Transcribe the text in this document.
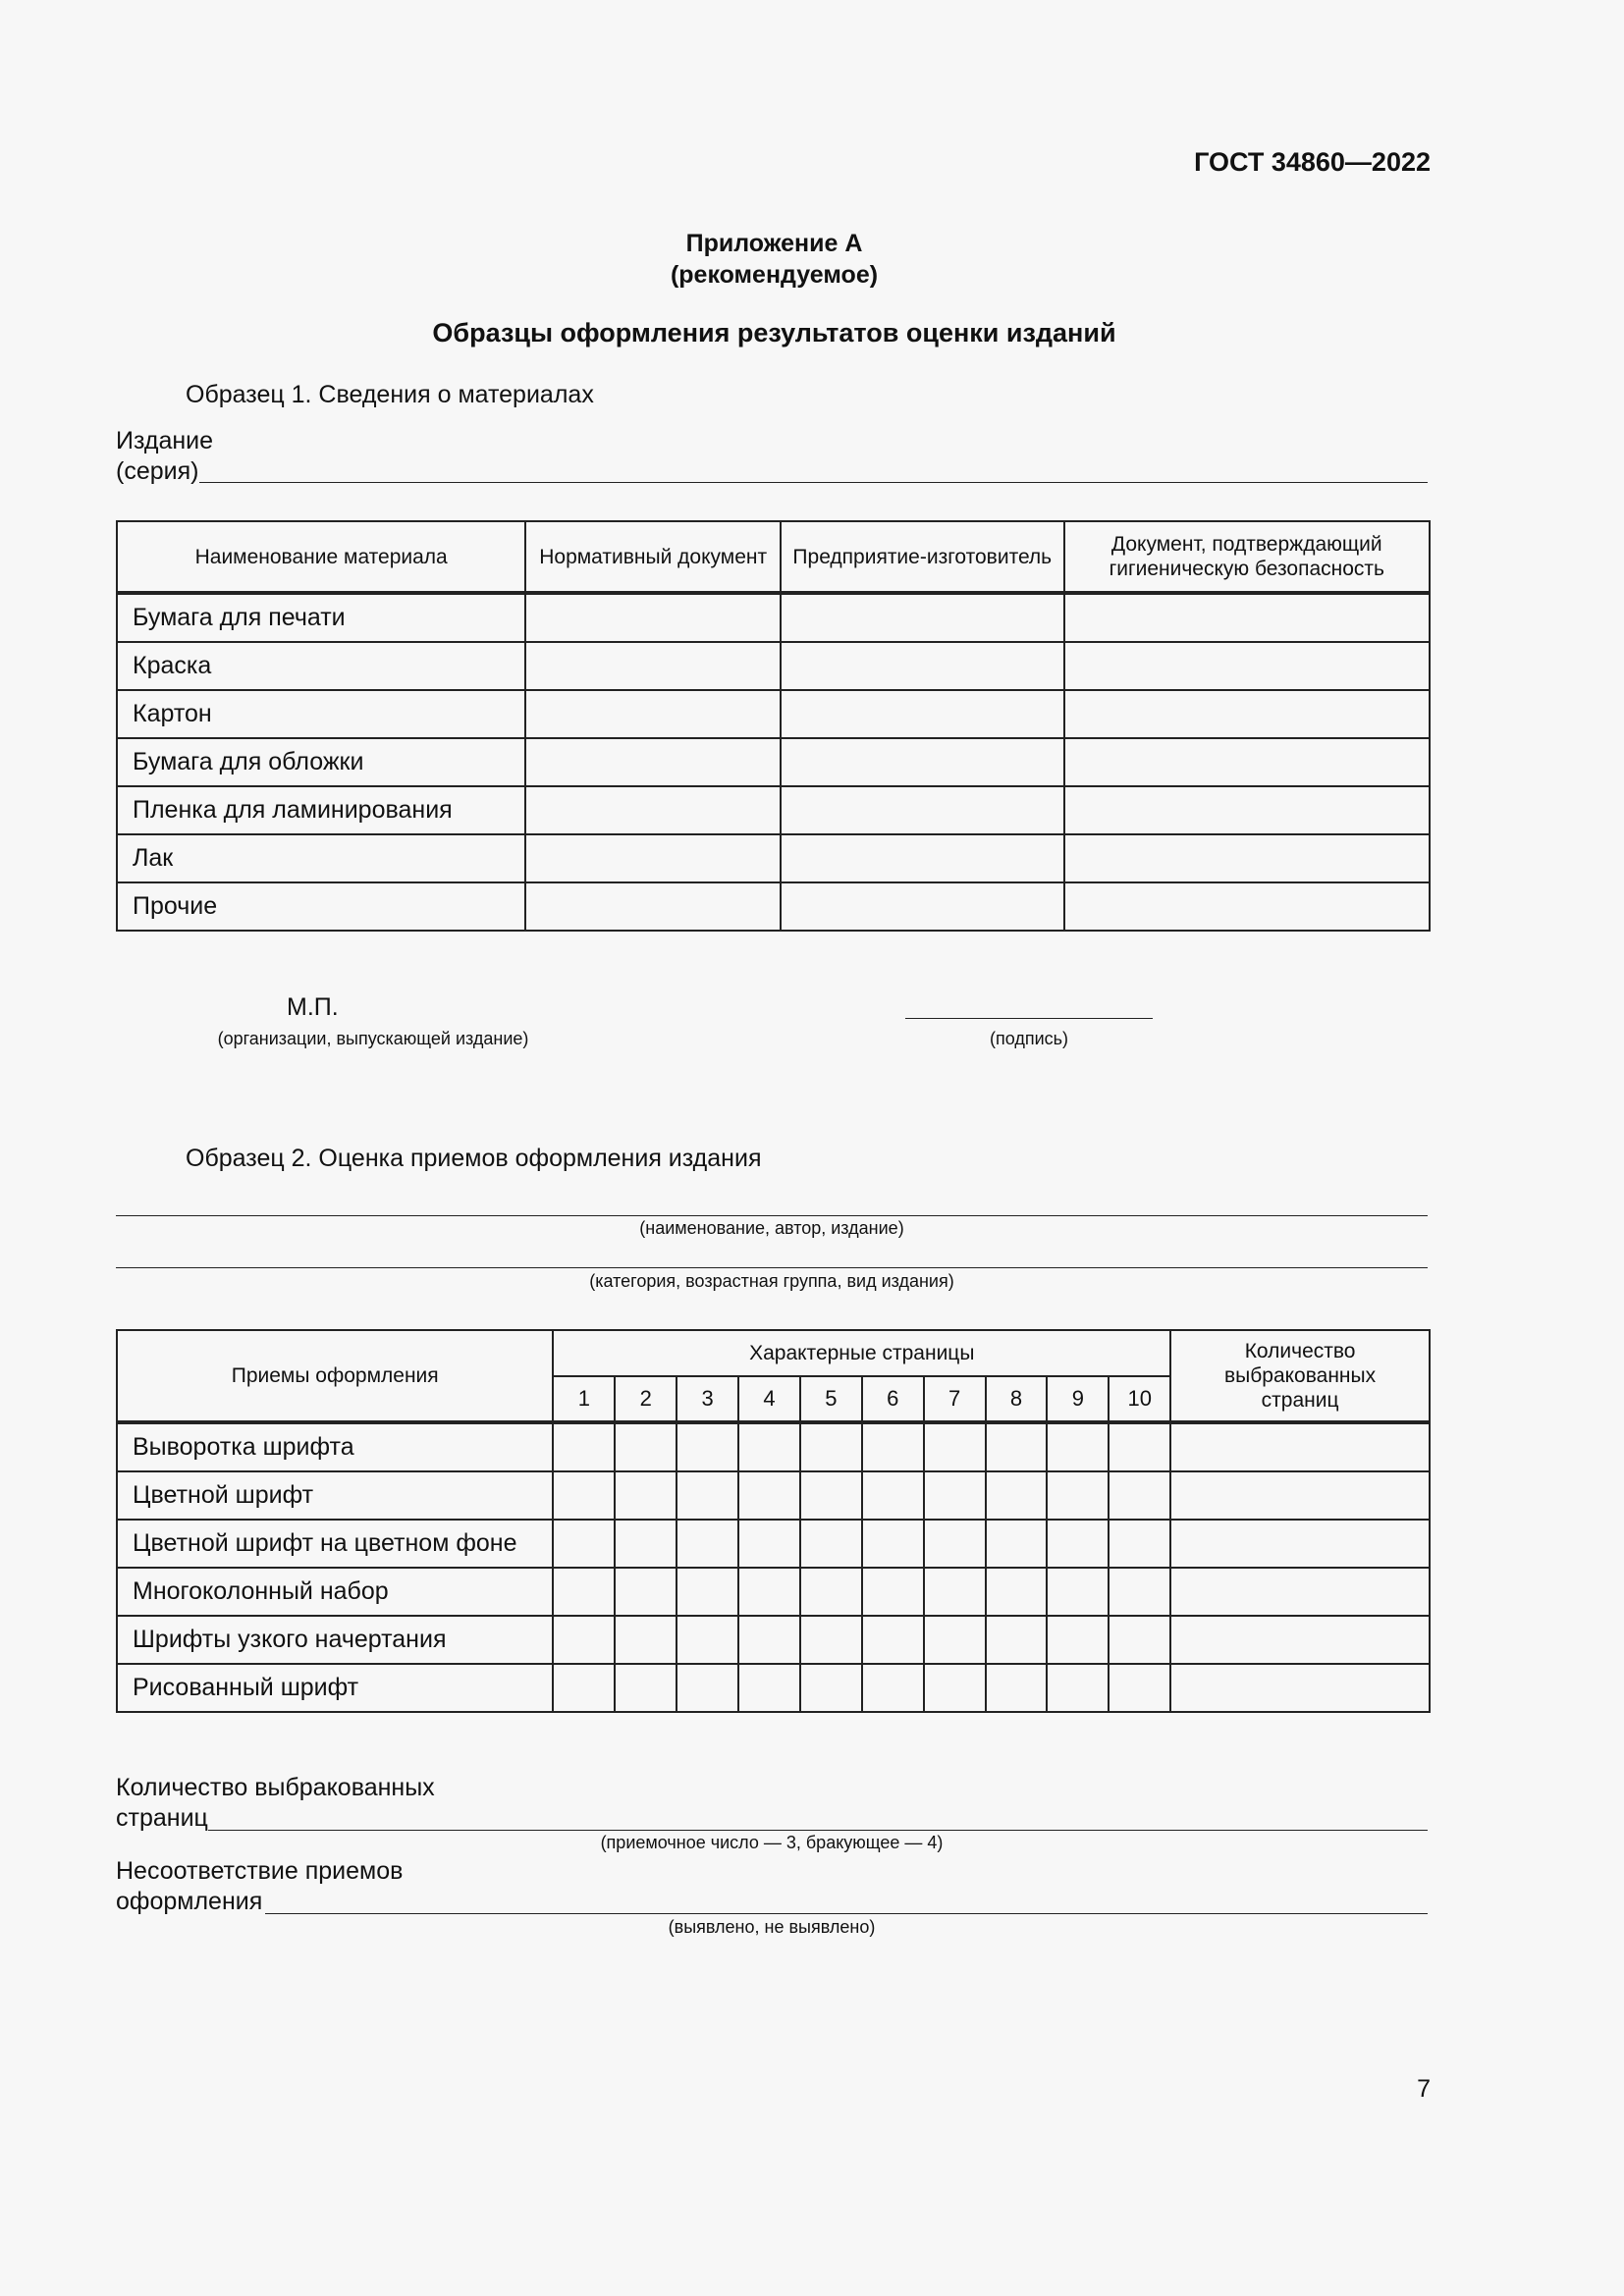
ГОСТ 34860—2022
Приложение А
(рекомендуемое)
Образцы оформления результатов оценки изданий
Образец 1. Сведения о материалах
Издание
(серия)
Наименование материала	Нормативный документ	Предприятие-изготовитель	Документ, подтверждающий гигиеническую безопасность
Бумага для печати			
Краска			
Картон			
Бумага для обложки			
Пленка для ламинирования			
Лак			
Прочие			
М.П.
(организации, выпускающей издание)	(подпись)
Образец 2. Оценка приемов оформления издания
(наименование, автор, издание)
(категория, возрастная группа, вид издания)
Приемы оформления	Характерные страницы										Количество выбракованных страниц
	1	2	3	4	5	6	7	8	9	10	
Выворотка шрифта											
Цветной шрифт											
Цветной шрифт на цветном фоне											
Многоколонный набор											
Шрифты узкого начертания											
Рисованный шрифт											
Количество выбракованных
страниц
(приемочное число — 3, бракующее — 4)
Несоответствие приемов
оформления
(выявлено, не выявлено)
7
